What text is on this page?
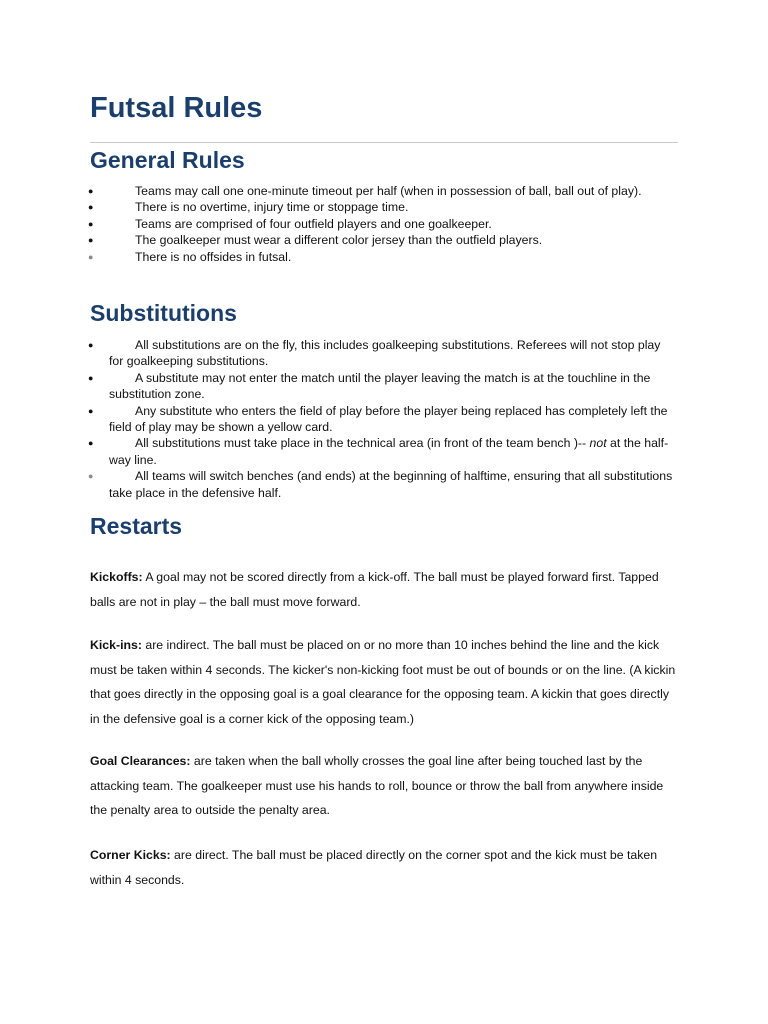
Futsal Rules
General Rules
●	Teams may call one one-minute timeout per half (when in possession of ball, ball out of play).
●	There is no overtime, injury time or stoppage time.
●	Teams are comprised of four outfield players and one goalkeeper.
●	The goalkeeper must wear a different color jersey than the outfield players.
●	There is no offsides in futsal.
Substitutions
●	All substitutions are on the fly, this includes goalkeeping substitutions. Referees will not stop play for goalkeeping substitutions.
●	A substitute may not enter the match until the player leaving the match is at the touchline in the substitution zone.
●	Any substitute who enters the field of play before the player being replaced has completely left the field of play may be shown a yellow card.
●	All substitutions must take place in the technical area (in front of the team bench )-- not at the half-way line.
●	All teams will switch benches (and ends) at the beginning of halftime, ensuring that all substitutions take place in the defensive half.
Restarts

Kickoffs: A goal may not be scored directly from a kick-off. The ball must be played forward first. Tapped balls are not in play – the ball must move forward.

Kick-ins: are indirect. The ball must be placed on or no more than 10 inches behind the line and the kick must be taken within 4 seconds. The kicker's non-kicking foot must be out of bounds or on the line. (A kickin that goes directly in the opposing goal is a goal clearance for the opposing team. A kickin that goes directly in the defensive goal is a corner kick of the opposing team.)

Goal Clearances: are taken when the ball wholly crosses the goal line after being touched last by the attacking team. The goalkeeper must use his hands to roll, bounce or throw the ball from anywhere inside the penalty area to outside the penalty area.

Corner Kicks: are direct. The ball must be placed directly on the corner spot and the kick must be taken within 4 seconds.
